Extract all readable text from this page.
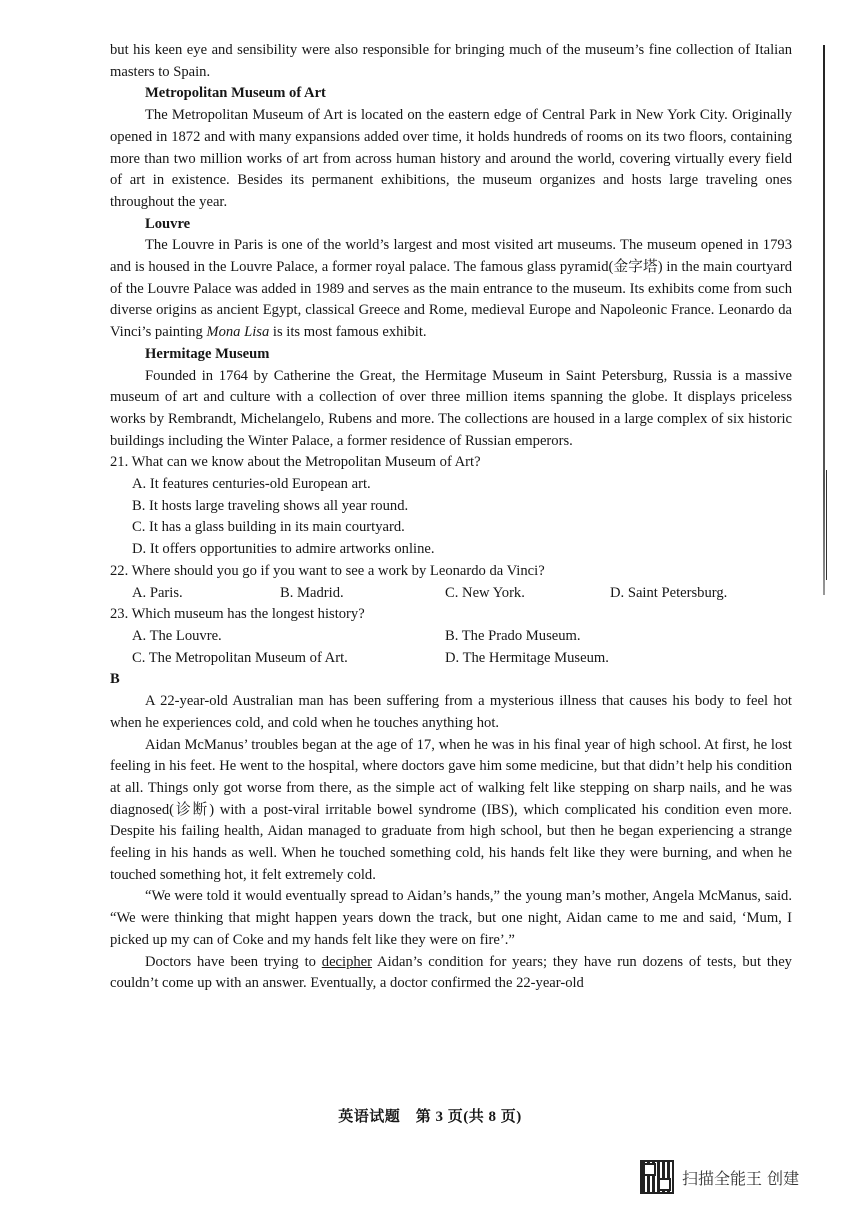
but his keen eye and sensibility were also responsible for bringing much of the museum’s fine collection of Italian masters to Spain.

Metropolitan Museum of Art

The Metropolitan Museum of Art is located on the eastern edge of Central Park in New York City. Originally opened in 1872 and with many expansions added over time, it holds hundreds of rooms on its two floors, containing more than two million works of art from across human history and around the world, covering virtually every field of art in existence. Besides its permanent exhibitions, the museum organizes and hosts large traveling ones throughout the year.

Louvre

The Louvre in Paris is one of the world’s largest and most visited art museums. The museum opened in 1793 and is housed in the Louvre Palace, a former royal palace. The famous glass pyramid(金字塔) in the main courtyard of the Louvre Palace was added in 1989 and serves as the main entrance to the museum. Its exhibits come from such diverse origins as ancient Egypt, classical Greece and Rome, medieval Europe and Napoleonic France. Leonardo da Vinci’s painting Mona Lisa is its most famous exhibit.

Hermitage Museum

Founded in 1764 by Catherine the Great, the Hermitage Museum in Saint Petersburg, Russia is a massive museum of art and culture with a collection of over three million items spanning the globe. It displays priceless works by Rembrandt, Michelangelo, Rubens and more. The collections are housed in a large complex of six historic buildings including the Winter Palace, a former residence of Russian emperors.

21. What can we know about the Metropolitan Museum of Art?

A. It features centuries-old European art.

B. It hosts large traveling shows all year round.

C. It has a glass building in its main courtyard.

D. It offers opportunities to admire artworks online.

22. Where should you go if you want to see a work by Leonardo da Vinci?

A. Paris.	B. Madrid.	C. New York.	D. Saint Petersburg.

23. Which museum has the longest history?

A. The Louvre.	B. The Prado Museum.
C. The Metropolitan Museum of Art.	D. The Hermitage Museum.

B

A 22-year-old Australian man has been suffering from a mysterious illness that causes his body to feel hot when he experiences cold, and cold when he touches anything hot.

Aidan McManus’ troubles began at the age of 17, when he was in his final year of high school. At first, he lost feeling in his feet. He went to the hospital, where doctors gave him some medicine, but that didn’t help his condition at all. Things only got worse from there, as the simple act of walking felt like stepping on sharp nails, and he was diagnosed(诊断) with a post-viral irritable bowel syndrome (IBS), which complicated his condition even more. Despite his failing health, Aidan managed to graduate from high school, but then he began experiencing a strange feeling in his hands as well. When he touched something cold, his hands felt like they were burning, and when he touched something hot, it felt extremely cold.

“We were told it would eventually spread to Aidan’s hands,” the young man’s mother, Angela McManus, said. “We were thinking that might happen years down the track, but one night, Aidan came to me and said, ‘Mum, I picked up my can of Coke and my hands felt like they were on fire’.”

Doctors have been trying to decipher Aidan’s condition for years; they have run dozens of tests, but they couldn’t come up with an answer. Eventually, a doctor confirmed the 22-year-old

英语试题　第 3 页(共 8 页)
扫描全能王 创建
